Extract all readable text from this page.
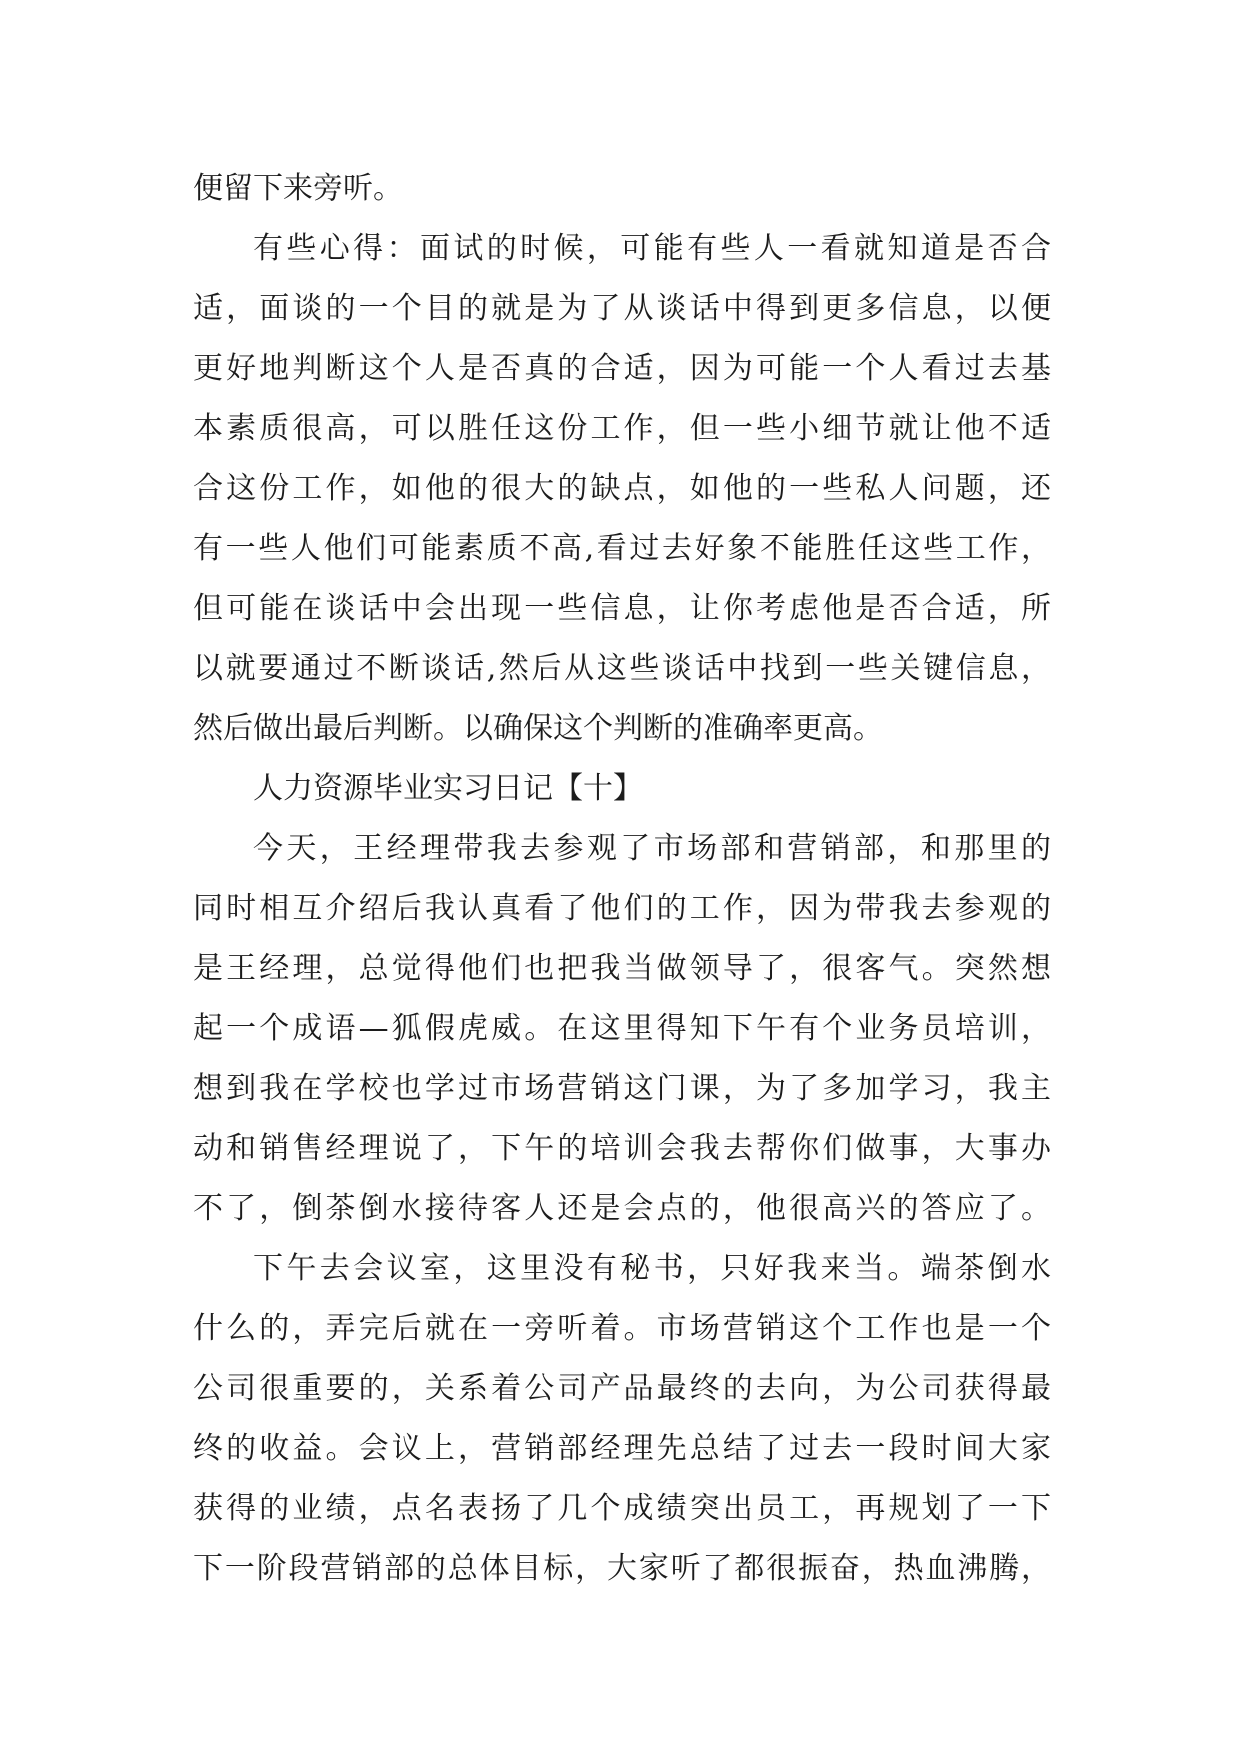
便留下来旁听。
有些心得：面试的时候，可能有些人一看就知道是否合
适，面谈的一个目的就是为了从谈话中得到更多信息，以便
更好地判断这个人是否真的合适，因为可能一个人看过去基
本素质很高，可以胜任这份工作，但一些小细节就让他不适
合这份工作，如他的很大的缺点，如他的一些私人问题，还
有一些人他们可能素质不高,看过去好象不能胜任这些工作，
但可能在谈话中会出现一些信息，让你考虑他是否合适，所
以就要通过不断谈话,然后从这些谈话中找到一些关键信息，
然后做出最后判断。以确保这个判断的准确率更高。
人力资源毕业实习日记【十】
今天，王经理带我去参观了市场部和营销部，和那里的
同时相互介绍后我认真看了他们的工作，因为带我去参观的
是王经理，总觉得他们也把我当做领导了，很客气。突然想
起一个成语—狐假虎威。在这里得知下午有个业务员培训，
想到我在学校也学过市场营销这门课，为了多加学习，我主
动和销售经理说了，下午的培训会我去帮你们做事，大事办
不了，倒茶倒水接待客人还是会点的，他很高兴的答应了。
下午去会议室，这里没有秘书，只好我来当。端茶倒水
什么的，弄完后就在一旁听着。市场营销这个工作也是一个
公司很重要的，关系着公司产品最终的去向，为公司获得最
终的收益。会议上，营销部经理先总结了过去一段时间大家
获得的业绩，点名表扬了几个成绩突出员工，再规划了一下
下一阶段营销部的总体目标，大家听了都很振奋，热血沸腾，
